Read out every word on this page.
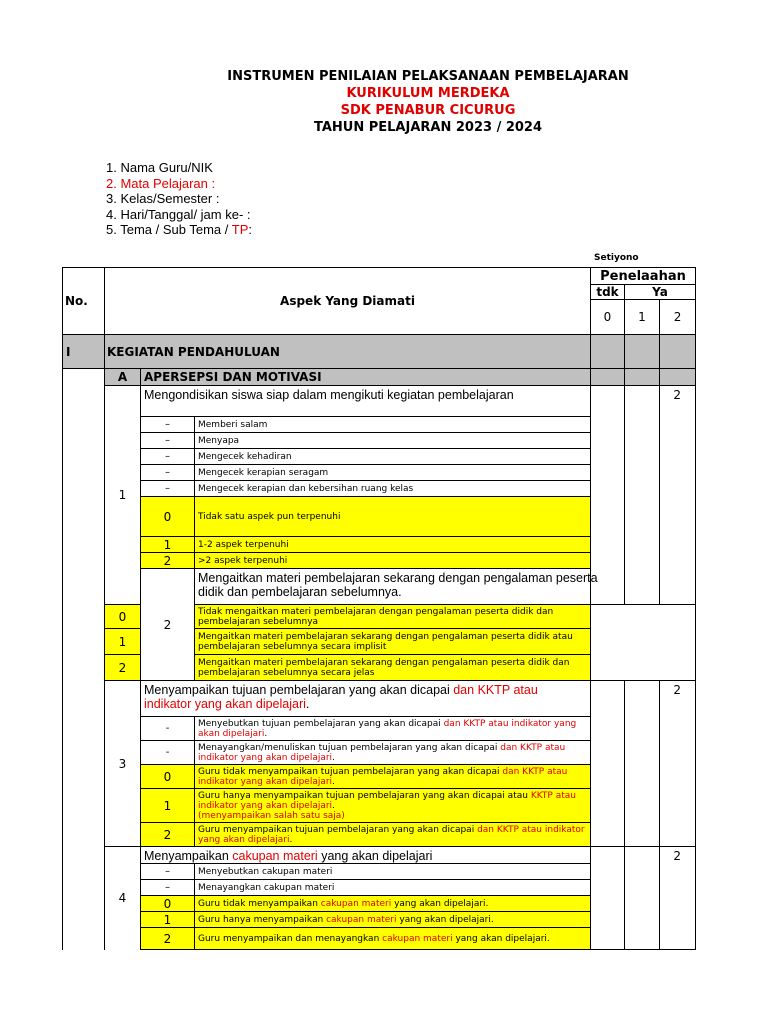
INSTRUMEN PENILAIAN PELAKSANAAN PEMBELAJARAN
KURIKULUM MERDEKA
SDK PENABUR CICURUG
TAHUN PELAJARAN 2023 / 2024
1. Nama Guru/NIK
2. Mata Pelajaran :
3. Kelas/Semester :
4. Hari/Tanggal/ jam ke- :
5. Tema / Sub Tema / TP:
Setiyono
No.	Aspek Yang Diamati			Penelaahan			
				tdk	Ya		
				0	1	2	
I	KEGIATAN PENDAHULUAN						
	A	APERSEPSI DAN MOTIVASI					
	1	Mengondisikan siswa siap dalam mengikuti kegiatan pembelajaran				2	
		–	Memberi salam				
		–	Menyapa				
		–	Mengecek kehadiran				
		–	Mengecek kerapian seragam				
		–	Mengecek kerapian dan kebersihan ruang kelas				
		0	Tidak satu aspek pun terpenuhi				
		1	1-2 aspek terpenuhi				
		2	>2 aspek terpenuhi				
		2	Mengaitkan materi pembelajaran sekarang dengan pengalaman peserta didik dan pembelajaran sebelumnya.			
	0		Tidak mengaitkan materi pembelajaran dengan pengalaman peserta didik dan pembelajaran sebelumnya				
	1		Mengaitkan materi pembelajaran sekarang dengan pengalaman peserta didik atau pembelajaran sebelumnya secara implisit				
	2		Mengaitkan materi pembelajaran sekarang dengan pengalaman peserta didik dan pembelajaran sebelumnya secara jelas				
	3	Menyampaikan tujuan pembelajaran yang akan dicapai dan KKTP atau indikator yang akan dipelajari.				2	
		-	Menyebutkan tujuan pembelajaran yang akan dicapai dan KKTP atau indikator yang akan dipelajari.				
		-	Menayangkan/menuliskan tujuan pembelajaran yang akan dicapai dan KKTP atau indikator yang akan dipelajari.				
		0	Guru tidak menyampaikan tujuan pembelajaran yang akan dicapai dan KKTP atau indikator yang akan dipelajari.				
		1	Guru hanya menyampaikan tujuan pembelajaran yang akan dicapai atau KKTP atau indikator yang akan dipelajari.
(menyampaikan salah satu saja)				
		2	Guru menyampaikan tujuan pembelajaran yang akan dicapai dan KKTP atau indikator yang akan dipelajari.				
	4	Menyampaikan cakupan materi yang akan dipelajari				2	
		–	Menyebutkan cakupan materi				
		–	Menayangkan cakupan materi				
		0	Guru tidak menyampaikan cakupan materi yang akan dipelajari.				
		1	Guru hanya menyampaikan cakupan materi yang akan dipelajari.				
		2	Guru menyampaikan dan menayangkan cakupan materi yang akan dipelajari.				
